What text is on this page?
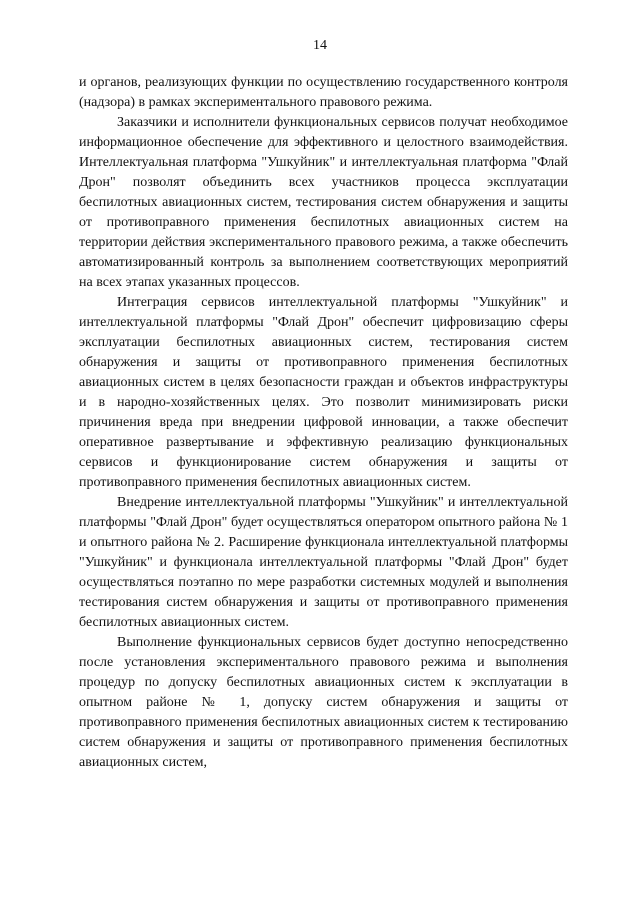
14

и органов, реализующих функции по осуществлению государственного контроля (надзора) в рамках экспериментального правового режима.

Заказчики и исполнители функциональных сервисов получат необходимое информационное обеспечение для эффективного и целостного взаимодействия. Интеллектуальная платформа "Ушкуйник" и интеллектуальная платформа "Флай Дрон" позволят объединить всех участников процесса эксплуатации беспилотных авиационных систем, тестирования систем обнаружения и защиты от противоправного применения беспилотных авиационных систем на территории действия экспериментального правового режима, а также обеспечить автоматизированный контроль за выполнением соответствующих мероприятий на всех этапах указанных процессов.

Интеграция сервисов интеллектуальной платформы "Ушкуйник" и интеллектуальной платформы "Флай Дрон" обеспечит цифровизацию сферы эксплуатации беспилотных авиационных систем, тестирования систем обнаружения и защиты от противоправного применения беспилотных авиационных систем в целях безопасности граждан и объектов инфраструктуры и в народно-хозяйственных целях. Это позволит минимизировать риски причинения вреда при внедрении цифровой инновации, а также обеспечит оперативное развертывание и эффективную реализацию функциональных сервисов и функционирование систем обнаружения и защиты от противоправного применения беспилотных авиационных систем.

Внедрение интеллектуальной платформы "Ушкуйник" и интеллектуальной платформы "Флай Дрон" будет осуществляться оператором опытного района № 1 и опытного района № 2. Расширение функционала интеллектуальной платформы "Ушкуйник" и функционала интеллектуальной платформы "Флай Дрон" будет осуществляться поэтапно по мере разработки системных модулей и выполнения тестирования систем обнаружения и защиты от противоправного применения беспилотных авиационных систем.

Выполнение функциональных сервисов будет доступно непосредственно после установления экспериментального правового режима и выполнения процедур по допуску беспилотных авиационных систем к эксплуатации в опытном районе № 1, допуску систем обнаружения и защиты от противоправного применения беспилотных авиационных систем к тестированию систем обнаружения и защиты от противоправного применения беспилотных авиационных систем,
